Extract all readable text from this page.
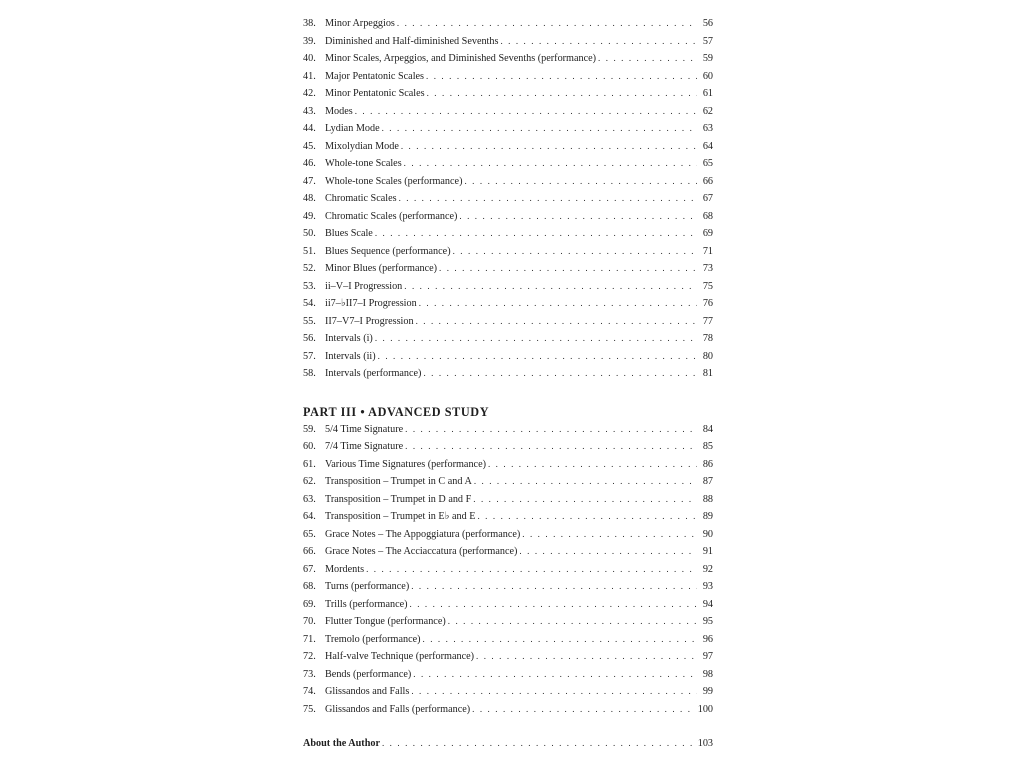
38. Minor Arpeggios . . .	56
39. Diminished and Half-diminished Sevenths . . .	57
40. Minor Scales, Arpeggios, and Diminished Sevenths (performance) . . .	59
41. Major Pentatonic Scales . . .	60
42. Minor Pentatonic Scales . . .	61
43. Modes . . .	62
44. Lydian Mode . . .	63
45. Mixolydian Mode . . .	64
46. Whole-tone Scales . . .	65
47. Whole-tone Scales (performance) . . .	66
48. Chromatic Scales . . .	67
49. Chromatic Scales (performance) . . .	68
50. Blues Scale . . .	69
51. Blues Sequence (performance) . . .	71
52. Minor Blues (performance) . . .	73
53. ii–V–I Progression . . .	75
54. ii7–♭II7–I Progression . . .	76
55. II7–V7–I Progression . . .	77
56. Intervals (i) . . .	78
57. Intervals (ii) . . .	80
58. Intervals (performance) . . .	81
PART III • ADVANCED STUDY
59. 5/4 Time Signature . . .	84
60. 7/4 Time Signature . . .	85
61. Various Time Signatures (performance) . . .	86
62. Transposition – Trumpet in C and A . . .	87
63. Transposition – Trumpet in D and F . . .	88
64. Transposition – Trumpet in E♭ and E . . .	89
65. Grace Notes – The Appoggiatura (performance) . . .	90
66. Grace Notes – The Acciaccatura (performance) . . .	91
67. Mordents . . .	92
68. Turns (performance) . . .	93
69. Trills (performance) . . .	94
70. Flutter Tongue (performance) . . .	95
71. Tremolo (performance) . . .	96
72. Half-valve Technique (performance) . . .	97
73. Bends (performance) . . .	98
74. Glissandos and Falls . . .	99
75. Glissandos and Falls (performance) . . .	100
About the Author . . .	103
